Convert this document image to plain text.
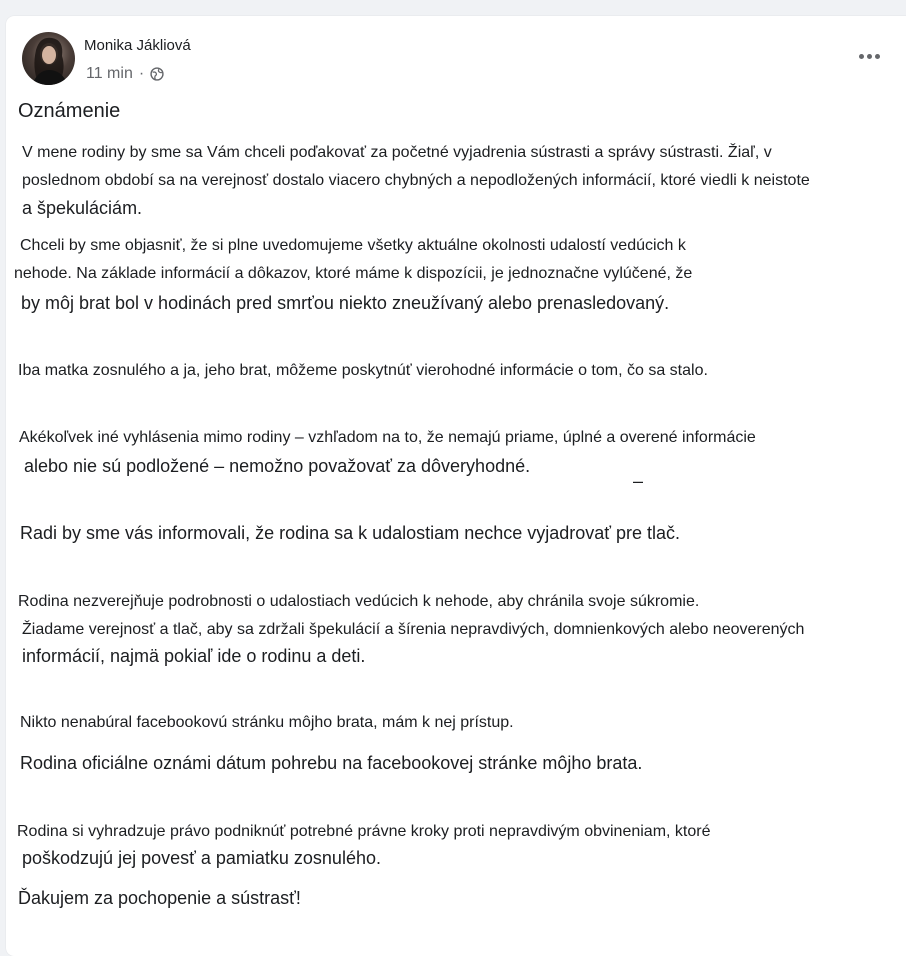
Monika Jákliová
11 min ·
Oznámenie
V mene rodiny by sme sa Vám chceli poďakovať za početné vyjadrenia sústrasti a správy sústrasti. Žiaľ, v
poslednom období sa na verejnosť dostalo viacero chybných a nepodložených informácií, ktoré viedli k neistote
a špekuláciám.
Chceli by sme objasniť, že si plne uvedomujeme všetky aktuálne okolnosti udalostí vedúcich k
nehode. Na základe informácií a dôkazov, ktoré máme k dispozícii, je jednoznačne vylúčené, že
by môj brat bol v hodinách pred smrťou niekto zneužívaný alebo prenasledovaný.
Iba matka zosnulého a ja, jeho brat, môžeme poskytnúť vierohodné informácie o tom, čo sa stalo.
Akékoľvek iné vyhlásenia mimo rodiny – vzhľadom na to, že nemajú priame, úplné a overené informácie
alebo nie sú podložené – nemožno považovať za dôveryhodné.
–
Radi by sme vás informovali, že rodina sa k udalostiam nechce vyjadrovať pre tlač.
Rodina nezverejňuje podrobnosti o udalostiach vedúcich k nehode, aby chránila svoje súkromie.
Žiadame verejnosť a tlač, aby sa zdržali špekulácií a šírenia nepravdivých, domnienkových alebo neoverených
informácií, najmä pokiaľ ide o rodinu a deti.
Nikto nenabúral facebookovú stránku môjho brata, mám k nej prístup.
Rodina oficiálne oznámi dátum pohrebu na facebookovej stránke môjho brata.
Rodina si vyhradzuje právo podniknúť potrebné právne kroky proti nepravdivým obvineniam, ktoré
poškodzujú jej povesť a pamiatku zosnulého.
Ďakujem za pochopenie a sústrasť!
